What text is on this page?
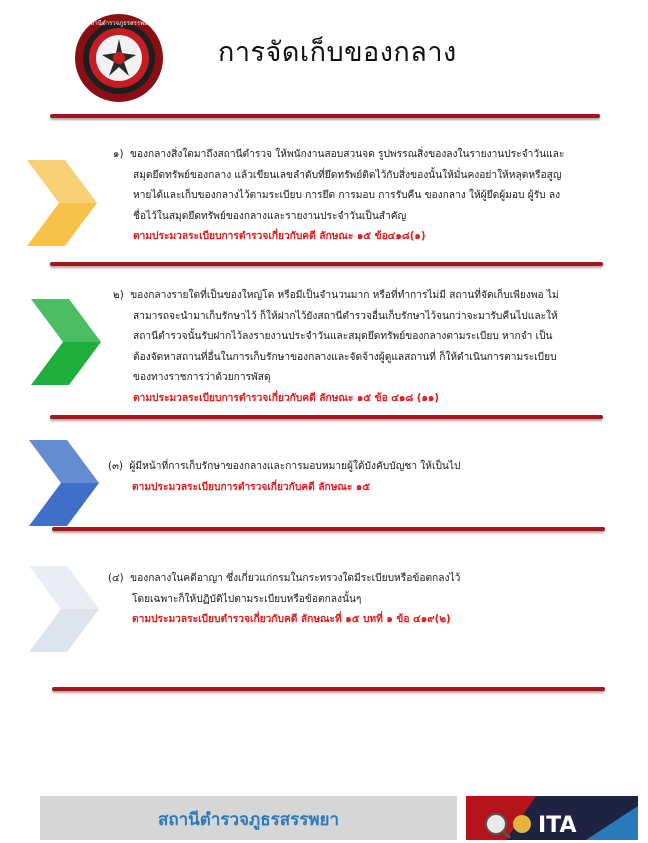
สถานีตำรวจภูธรสรรพยา
การจัดเก็บของกลาง
๑) ของกลางสิ่งใดมาถึงสถานีตำรวจ ให้พนักงานสอบสวนจด รูปพรรณสิ่งของลงในรายงานประจำวันและ
สมุดยึดทรัพย์ของกลาง แล้วเขียนเลขลำดับที่ยึดทรัพย์ติดไว้กับสิ่งของนั้นให้มั่นคงอย่าให้หลุดหรือสูญ
หายได้และเก็บของกลางไว้ตามระเบียบ การยึด การมอบ การรับคืน ของกลาง ให้ผู้ยึดผู้มอบ ผู้รับ ลง
ชื่อไว้ในสมุดยึดทรัพย์ของกลางและรายงานประจำวันเป็นสำคัญ
ตามประมวลระเบียบการตำรวจเกี่ยวกับคดี ลักษณะ ๑๕ ข้อ๔๑๘(๑)
๒) ของกลางรายใดที่เป็นของใหญ่โต หรือมีเป็นจำนวนมาก หรือที่ทำการไม่มี สถานที่จัดเก็บเพียงพอ ไม่
สามารถจะนำมาเก็บรักษาไว้ ก็ให้ฝากไว้ยังสถานีตำรวจอื่นเก็บรักษาไว้จนกว่าจะมารับคืนไปและให้
สถานีตำรวจนั้นรับฝากไว้ลงรายงานประจำวันและสมุดยึดทรัพย์ของกลางตามระเบียบ หากจำ เป็น
ต้องจัดหาสถานที่อื่นในการเก็บรักษาของกลางและจัดจ้างผู้ดูแลสถานที่ ก็ให้ดำเนินการตามระเบียบ
ของทางราชการว่าด้วยการพัสดุ
ตามประมวลระเบียบการตำรวจเกี่ยวกับคดี ลักษณะ ๑๕ ข้อ ๔๑๘ (๑๑)
(๓) ผู้มีหน้าที่การเก็บรักษาของกลางและการมอบหมายผู้ใต้บังคับบัญชา ให้เป็นไป
ตามประมวลระเบียบการตำรวจเกี่ยวกับคดี ลักษณะ ๑๕
(๔) ของกลางในคดีอาญา ซึ่งเกี่ยวแก่กรมในกระทรวงใดมีระเบียบหรือข้อตกลงไว้
โดยเฉพาะก็ให้ปฏิบัติไปตามระเบียบหรือข้อตกลงนั้นๆ
ตามประมวลระเบียบตำรวจเกี่ยวกับคดี ลักษณะที่ ๑๕ บทที่ ๑ ข้อ ๔๑๙(๒)
สถานีตำรวจภูธรสรรพยา	ITA
